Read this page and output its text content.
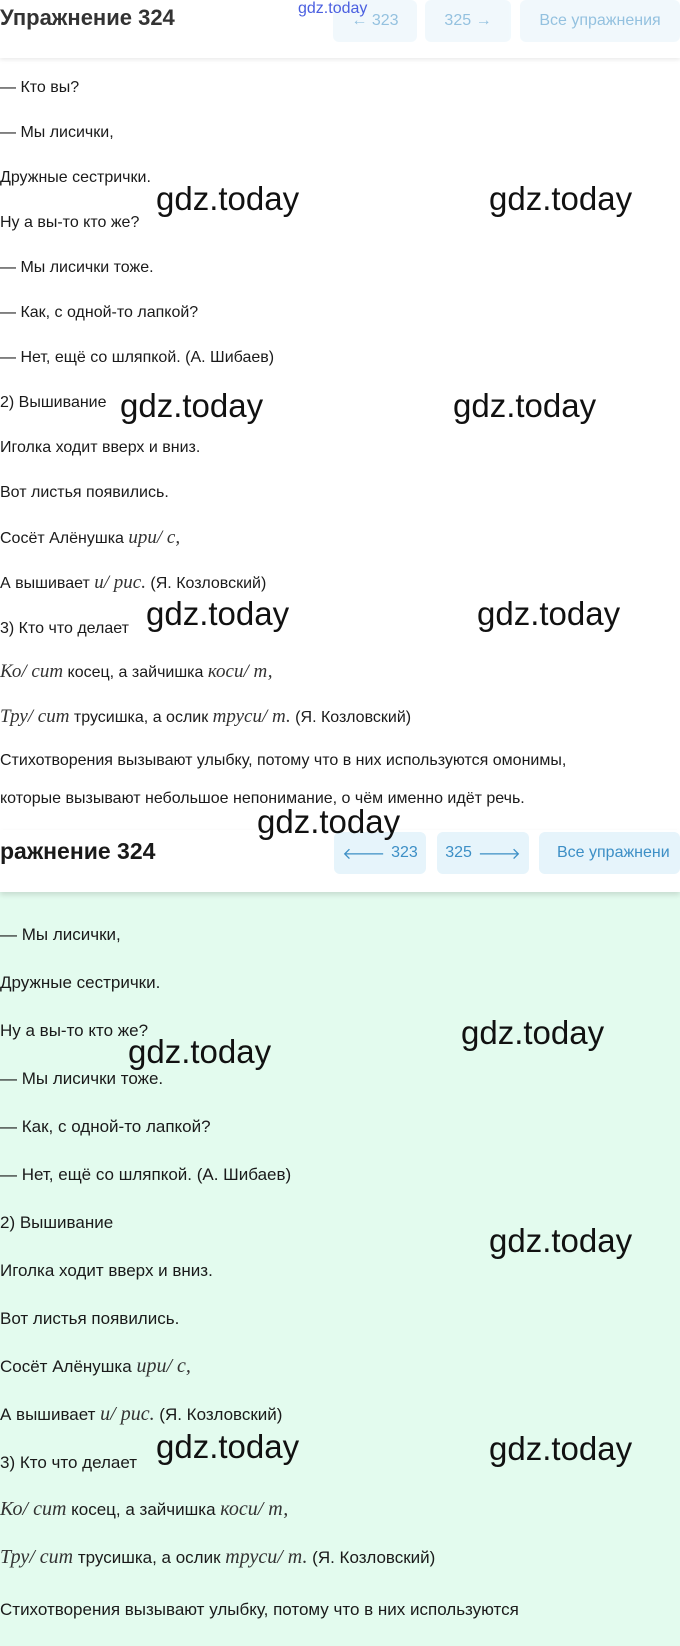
Упражнение 324	← 323	325 →	Все упражнения
— Кто вы?
— Мы лисички,
Дружные сестрички.
Ну а вы-то кто же?
— Мы лисички тоже.
— Как, с одной-то лапкой?
— Нет, ещё со шляпкой. (А. Шибаев)
2) Вышивание
Иголка ходит вверх и вниз.
Вот листья появились.
Сосёт Алёнушка ири/ с,
А вышивает и/ рис. (Я. Козловский)
3) Кто что делает
Ко/ сит косец, а зайчишка коси/ т,
Тру/ сит трусишка, а ослик труси/ т. (Я. Козловский)
Стихотворения вызывают улыбку, потому что в них используются омонимы,
которые вызывают небольшое непонимание, о чём именно идёт речь.
ражнение 324	🡐 323 325 🡒	Все упражнени
— Мы лисички,
Дружные сестрички.
Ну а вы-то кто же?
— Мы лисички тоже.
— Как, с одной-то лапкой?
— Нет, ещё со шляпкой. (А. Шибаев)
2) Вышивание
Иголка ходит вверх и вниз.
Вот листья появились.
Сосёт Алёнушка ири/ с,
А вышивает и/ рис. (Я. Козловский)
3) Кто что делает
Ко/ сит косец, а зайчишка коси/ т,
Тру/ сит трусишка, а ослик труси/ т. (Я. Козловский)
Стихотворения вызывают улыбку, потому что в них используются
gdz.today
gdz.today	gdz.today
gdz.today	gdz.today
gdz.today	gdz.today
gdz.today
gdz.today
gdz.today
gdz.today
gdz.today	gdz.today
